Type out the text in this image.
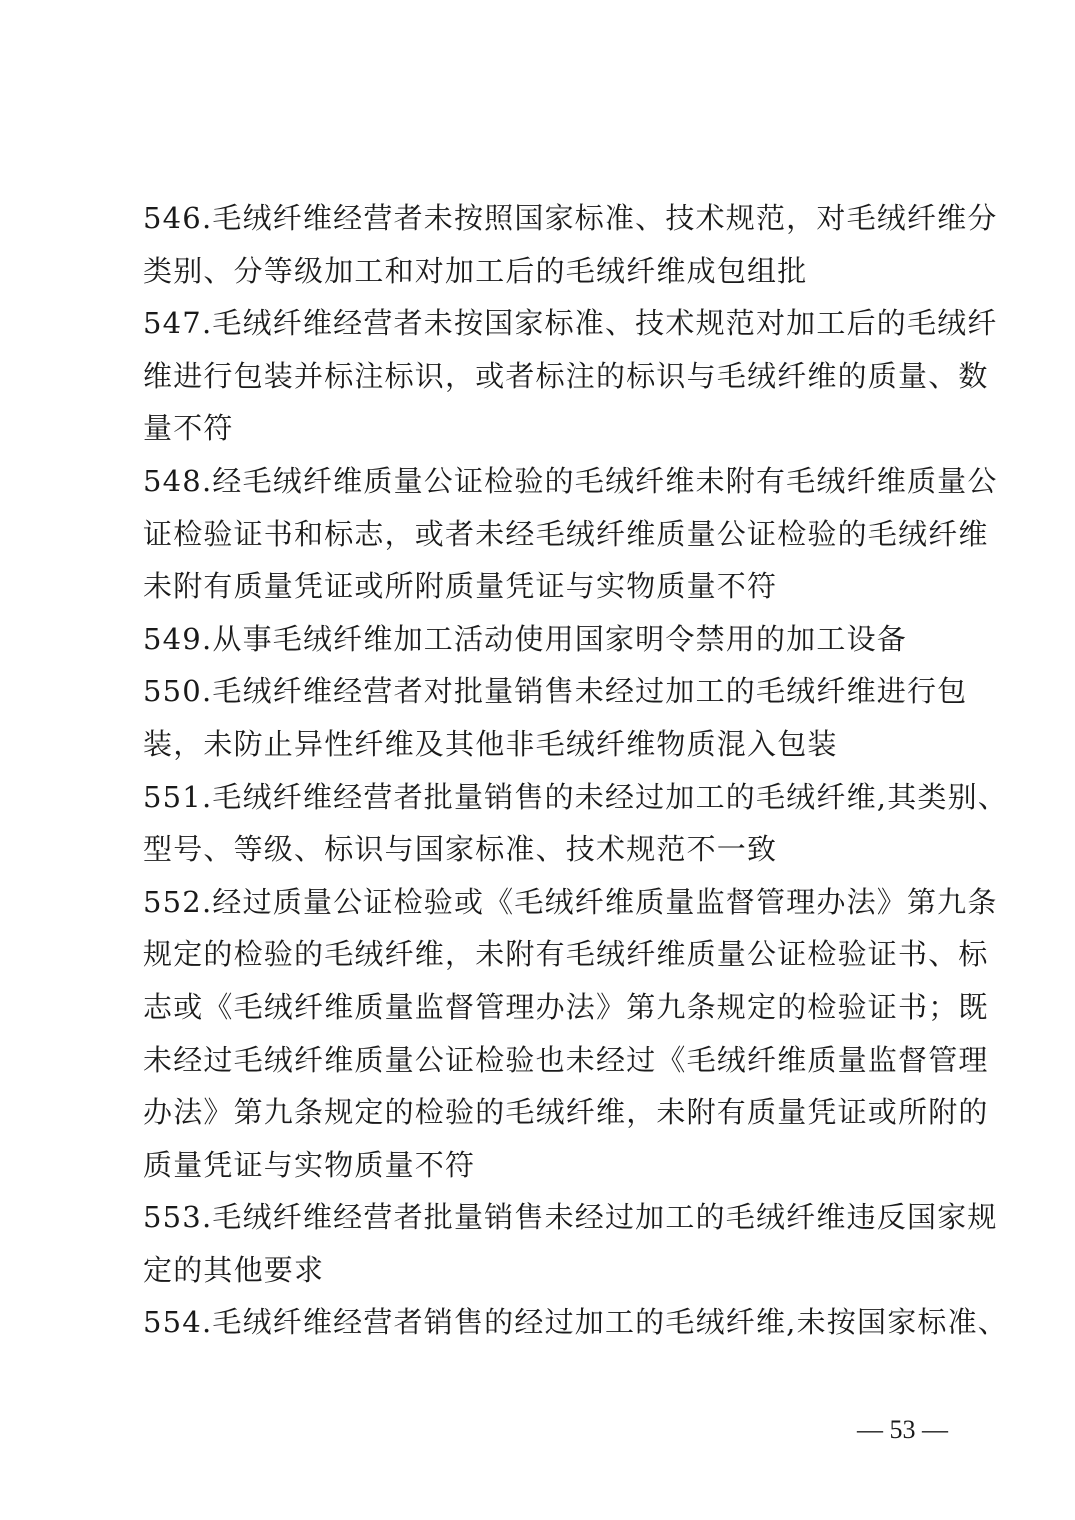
546.毛绒纤维经营者未按照国家标准、技术规范，对毛绒纤维分
类别、分等级加工和对加工后的毛绒纤维成包组批
547.毛绒纤维经营者未按国家标准、技术规范对加工后的毛绒纤
维进行包装并标注标识，或者标注的标识与毛绒纤维的质量、数
量不符
548.经毛绒纤维质量公证检验的毛绒纤维未附有毛绒纤维质量公
证检验证书和标志，或者未经毛绒纤维质量公证检验的毛绒纤维
未附有质量凭证或所附质量凭证与实物质量不符
549.从事毛绒纤维加工活动使用国家明令禁用的加工设备
550.毛绒纤维经营者对批量销售未经过加工的毛绒纤维进行包
装，未防止异性纤维及其他非毛绒纤维物质混入包装
551.毛绒纤维经营者批量销售的未经过加工的毛绒纤维,其类别、
型号、等级、标识与国家标准、技术规范不一致
552.经过质量公证检验或《毛绒纤维质量监督管理办法》第九条
规定的检验的毛绒纤维，未附有毛绒纤维质量公证检验证书、标
志或《毛绒纤维质量监督管理办法》第九条规定的检验证书；既
未经过毛绒纤维质量公证检验也未经过《毛绒纤维质量监督管理
办法》第九条规定的检验的毛绒纤维，未附有质量凭证或所附的
质量凭证与实物质量不符
553.毛绒纤维经营者批量销售未经过加工的毛绒纤维违反国家规
定的其他要求
554.毛绒纤维经营者销售的经过加工的毛绒纤维,未按国家标准、
— 53 —
